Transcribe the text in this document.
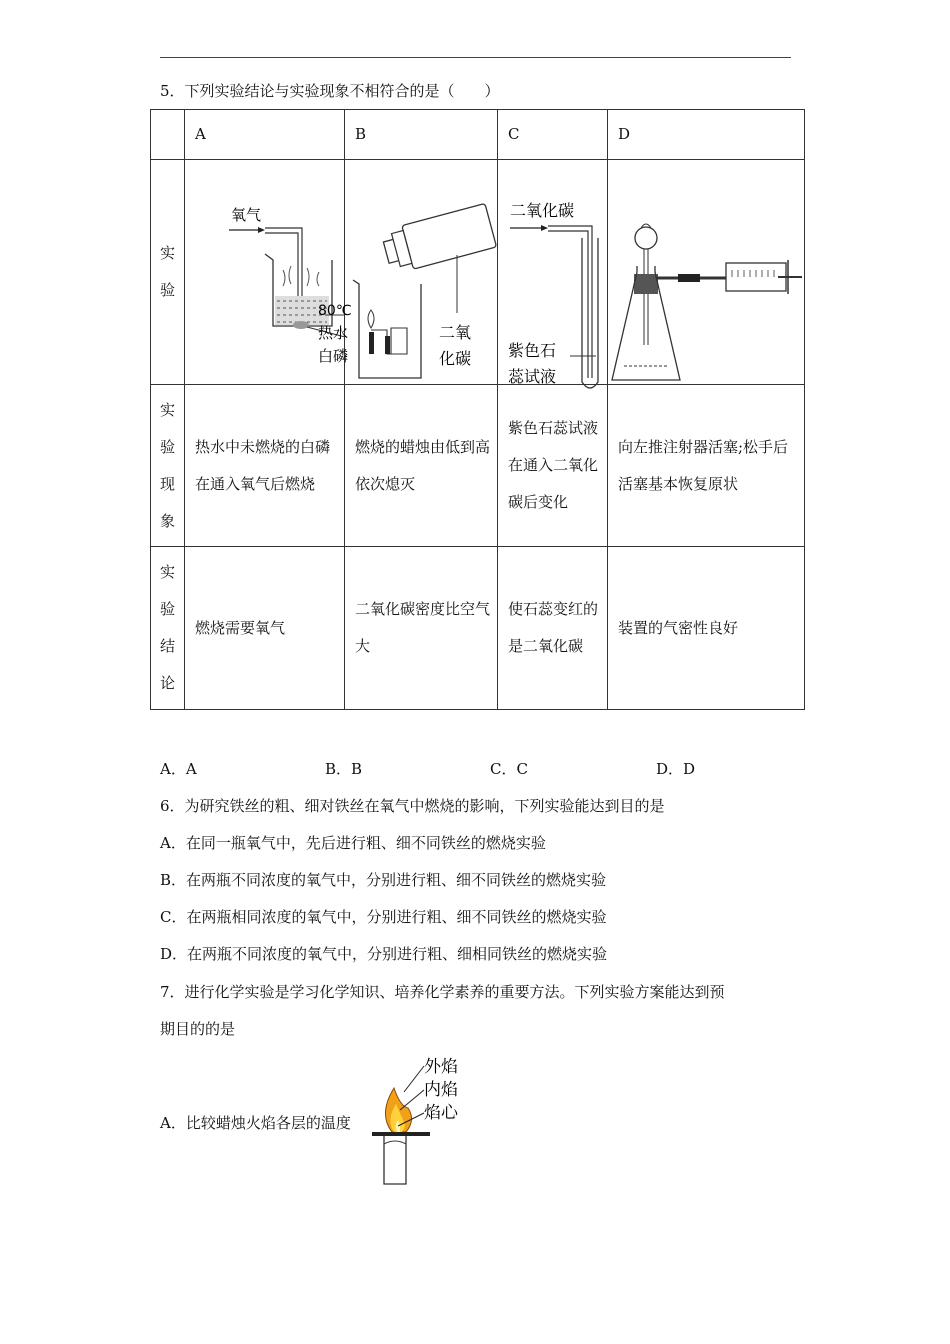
5．下列实验结论与实验现象不相符合的是（　　）
	A	B	C	D

实
验	氧气
80℃
热水
白磷	二氧
化碳	二氧化碳
紫色石
蕊试液

实
验
现
象	热水中未燃烧的白磷在通入氧气后燃烧	燃烧的蜡烛由低到高依次熄灭	紫色石蕊试液在通入二氧化碳后变化	向左推注射器活塞;松手后活塞基本恢复原状

实
验
结
论	燃烧需要氧气	二氧化碳密度比空气大	使石蕊变红的是二氧化碳	装置的气密性良好
A．A	B．B	C．C	D．D
6．为研究铁丝的粗、细对铁丝在氧气中燃烧的影响，下列实验能达到目的是
A．在同一瓶氧气中，先后进行粗、细不同铁丝的燃烧实验
B．在两瓶不同浓度的氧气中，分别进行粗、细不同铁丝的燃烧实验
C．在两瓶相同浓度的氧气中，分别进行粗、细不同铁丝的燃烧实验
D．在两瓶不同浓度的氧气中，分别进行粗、细相同铁丝的燃烧实验
7．进行化学实验是学习化学知识、培养化学素养的重要方法。下列实验方案能达到预
期目的的是
A．比较蜡烛火焰各层的温度
外焰
内焰
焰心
